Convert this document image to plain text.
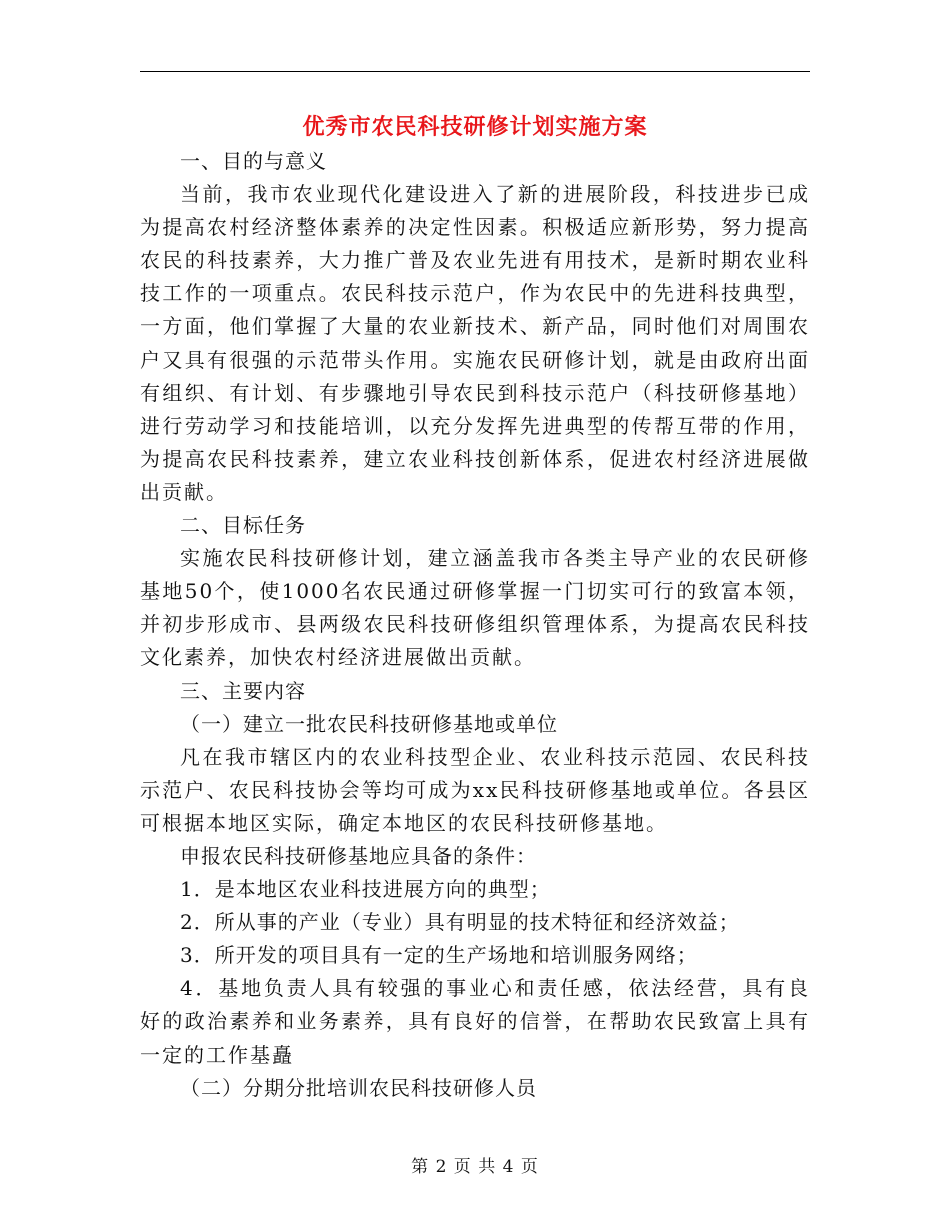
优秀市农民科技研修计划实施方案

一、目的与意义

当前，我市农业现代化建设进入了新的进展阶段，科技进步已成为提高农村经济整体素养的决定性因素。积极适应新形势，努力提高农民的科技素养，大力推广普及农业先进有用技术，是新时期农业科技工作的一项重点。农民科技示范户，作为农民中的先进科技典型，一方面，他们掌握了大量的农业新技术、新产品，同时他们对周围农户又具有很强的示范带头作用。实施农民研修计划，就是由政府出面有组织、有计划、有步骤地引导农民到科技示范户（科技研修基地）进行劳动学习和技能培训，以充分发挥先进典型的传帮互带的作用，为提高农民科技素养，建立农业科技创新体系，促进农村经济进展做出贡献。

二、目标任务

实施农民科技研修计划，建立涵盖我市各类主导产业的农民研修基地50个，使1000名农民通过研修掌握一门切实可行的致富本领，并初步形成市、县两级农民科技研修组织管理体系，为提高农民科技文化素养，加快农村经济进展做出贡献。

三、主要内容

（一）建立一批农民科技研修基地或单位

凡在我市辖区内的农业科技型企业、农业科技示范园、农民科技示范户、农民科技协会等均可成为xx民科技研修基地或单位。各县区可根据本地区实际，确定本地区的农民科技研修基地。

申报农民科技研修基地应具备的条件：

1．是本地区农业科技进展方向的典型；

2．所从事的产业（专业）具有明显的技术特征和经济效益；

3．所开发的项目具有一定的生产场地和培训服务网络；

4．基地负责人具有较强的事业心和责任感，依法经营，具有良好的政治素养和业务素养，具有良好的信誉，在帮助农民致富上具有一定的工作基矗

（二）分期分批培训农民科技研修人员

第 2 页 共 4 页
